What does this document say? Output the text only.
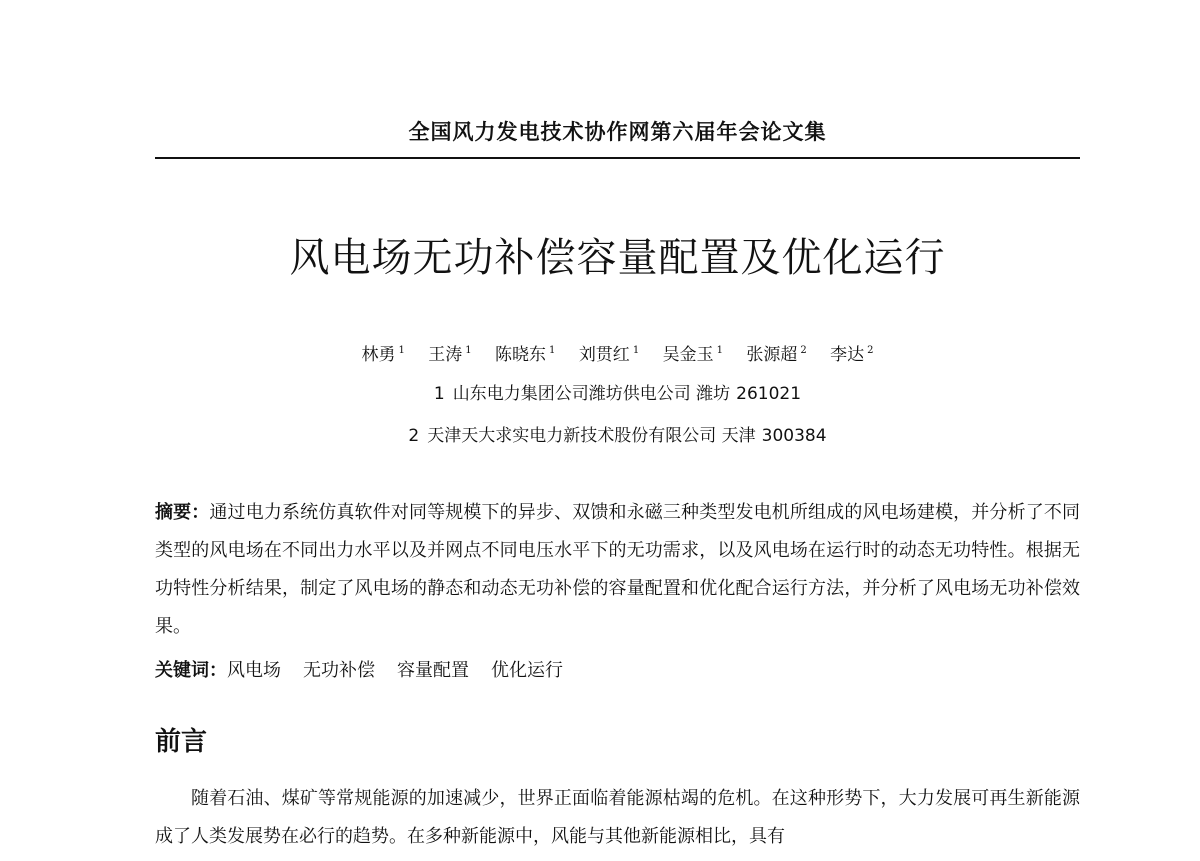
全国风力发电技术协作网第六届年会论文集
风电场无功补偿容量配置及优化运行
林勇 $^1$ 王涛 $^1$ 陈晓东 $^1$ 刘贯红 $^1$ 吴金玉 $^1$ 张源超 $^2$ 李达 $^2$
1 山东电力集团公司潍坊供电公司 潍坊 261021
2 天津天大求实电力新技术股份有限公司 天津 300384
摘要：通过电力系统仿真软件对同等规模下的异步、双馈和永磁三种类型发电机所组成的风电场建模，并分析了不同类型的风电场在不同出力水平以及并网点不同电压水平下的无功需求，以及风电场在运行时的动态无功特性。根据无功特性分析结果，制定了风电场的静态和动态无功补偿的容量配置和优化配合运行方法，并分析了风电场无功补偿效果。
关键词：风电场 无功补偿 容量配置 优化运行
前言
随着石油、煤矿等常规能源的加速减少，世界正面临着能源枯竭的危机。在这种形势下，大力发展可再生新能源成了人类发展势在必行的趋势。在多种新能源中，风能与其他新能源相比，具有
